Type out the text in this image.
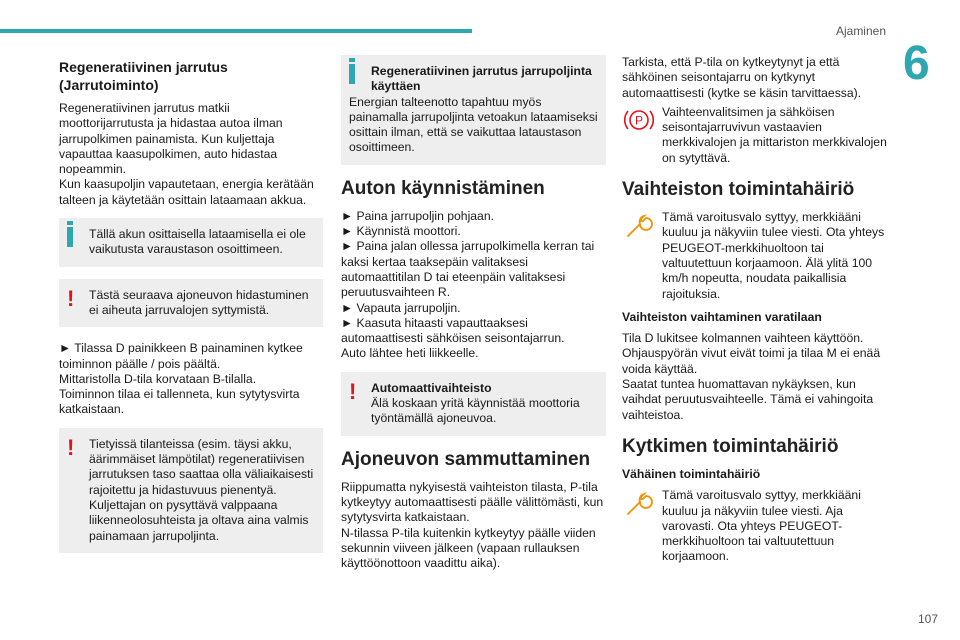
Ajaminen
6
107
Regeneratiivinen jarrutus (Jarrutoiminto)

Regeneratiivinen jarrutus matkii moottorijarrutusta ja hidastaa autoa ilman jarrupolkimen painamista. Kun kuljettaja vapauttaa kaasupolkimen, auto hidastaa nopeammin.
Kun kaasupoljin vapautetaan, energia kerätään talteen ja käytetään osittain lataamaan akkua.

Tällä akun osittaisella lataamisella ei ole vaikutusta varaustason osoittimeen.
!	Tästä seuraava ajoneuvon hidastuminen ei aiheuta jarruvalojen syttymistä.

► Tilassa D painikkeen B painaminen kytkee toiminnon päälle / pois päältä.
Mittaristolla D-tila korvataan B-tilalla.
Toiminnon tilaa ei tallenneta, kun sytytysvirta katkaistaan.

!	Tietyissä tilanteissa (esim. täysi akku, äärimmäiset lämpötilat) regeneratiivisen jarrutuksen taso saattaa olla väliaikaisesti rajoitettu ja hidastuvuus pienentyä.
Kuljettajan on pysyttävä valppaana liikenneolosuhteista ja oltava aina valmis painamaan jarrupoljinta.
Regeneratiivinen jarrutus jarrupoljinta käyttäen
Energian talteenotto tapahtuu myös painamalla jarrupoljinta vetoakun lataamiseksi osittain ilman, että se vaikuttaa lataustason osoittimeen.
Auton käynnistäminen

► Paina jarrupoljin pohjaan.
► Käynnistä moottori.
► Paina jalan ollessa jarrupolkimella kerran tai kaksi kertaa taaksepäin valitaksesi automaattitilan D tai eteenpäin valitaksesi peruutusvaihteen R.
► Vapauta jarrupoljin.
► Kaasuta hitaasti vapauttaaksesi automaattisesti sähköisen seisontajarrun.
Auto lähtee heti liikkeelle.

!	Automaattivaihteisto
Älä koskaan yritä käynnistää moottoria työntämällä ajoneuvoa.
Ajoneuvon sammuttaminen

Riippumatta nykyisestä vaihteiston tilasta, P-tila kytkeytyy automaattisesti päälle välittömästi, kun sytytysvirta katkaistaan.
N-tilassa P-tila kuitenkin kytkeytyy päälle viiden sekunnin viiveen jälkeen (vapaan rullauksen käyttöönottoon vaadittu aika).

Tarkista, että P-tila on kytkeytynyt ja että sähköinen seisontajarru on kytkynyt automaattisesti (kytke se käsin tarvittaessa).

P
Vaihteenvalitsimen ja sähköisen seisontajarruvivun vastaavien merkkivalojen ja mittariston merkkivalojen on sytyttävä.
Vaihteiston toimintahäiriö
Tämä varoitusvalo syttyy, merkkiääni kuuluu ja näkyviin tulee viesti. Ota yhteys PEUGEOT-merkkihuoltoon tai valtuutettuun korjaamoon. Älä ylitä 100 km/h nopeutta, noudata paikallisia rajoituksia.
Vaihteiston vaihtaminen varatilaan

Tila D lukitsee kolmannen vaihteen käyttöön.
Ohjauspyörän vivut eivät toimi ja tilaa M ei enää voida käyttää.
Saatat tuntea huomattavan nykäyksen, kun vaihdat peruutusvaihteelle. Tämä ei vahingoita vaihteistoa.

Kytkimen toimintahäiriö
Vähäinen toimintahäiriö
Tämä varoitusvalo syttyy, merkkiääni kuuluu ja näkyviin tulee viesti. Aja varovasti. Ota yhteys PEUGEOT-merkkihuoltoon tai valtuutettuun korjaamoon.
